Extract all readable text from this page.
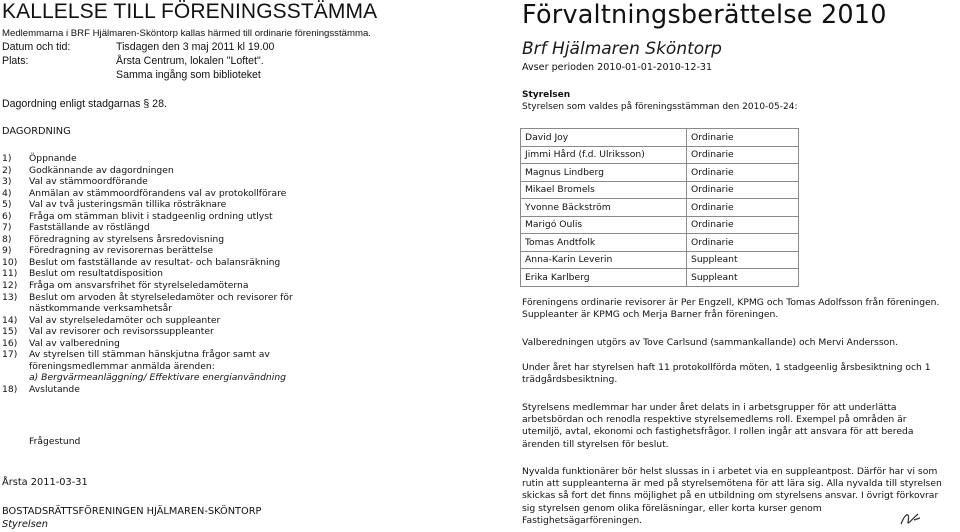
KALLELSE TILL FÖRENINGSSTÄMMA
Medlemmarna i BRF Hjälmaren-Sköntorp kallas härmed till ordinarie föreningsstämma.
Datum och tid:	Tisdagen den 3 maj 2011 kl 19.00
Plats:	Årsta Centrum, lokalen "Loftet".
Samma ingång som biblioteket
Dagordning enligt stadgarnas § 28.
DAGORDNING
1) Öppnande
2) Godkännande av dagordningen
3) Val av stämmoordförande
4) Anmälan av stämmoordförandens val av protokollförare
5) Val av två justeringsmän tillika rösträknare
6) Fråga om stämman blivit i stadgeenlig ordning utlyst
7) Fastställande av röstlängd
8) Föredragning av styrelsens årsredovisning
9) Föredragning av revisorernas berättelse
10) Beslut om fastställande av resultat- och balansräkning
11) Beslut om resultatdisposition
12) Fråga om ansvarsfrihet för styrelseledamöterna
13) Beslut om arvoden åt styrelseledamöter och revisorer för nästkommande verksamhetsår
14) Val av styrelseledamöter och suppleanter
15) Val av revisorer och revisorssuppleanter
16) Val av valberedning
17) Av styrelsen till stämman hänskjutna frågor samt av föreningsmedlemmar anmälda ärenden:
a) Bergvärmeanläggning/ Effektivare energianvändning
18) Avslutande
Frågestund
Årsta 2011-03-31
BOSTADSRÄTTSFÖRENINGEN HJÄLMAREN-SKÖNTORP
Styrelsen
Förvaltningsberättelse 2010
Brf Hjälmaren Sköntorp
Avser perioden 2010-01-01-2010-12-31
Styrelsen
Styrelsen som valdes på föreningsstämman den 2010-05-24:
David Joy	Ordinarie
Jimmi Hård (f.d. Ulriksson)	Ordinarie
Magnus Lindberg	Ordinarie
Mikael Bromels	Ordinarie
Yvonne Bäckström	Ordinarie
Marigó Oulis	Ordinarie
Tomas Andtfolk	Ordinarie
Anna-Karin Leverin	Suppleant
Erika Karlberg	Suppleant
Föreningens ordinarie revisorer är Per Engzell, KPMG och Tomas Adolfsson från föreningen. Suppleanter är KPMG och Merja Barner från föreningen.
Valberedningen utgörs av Tove Carlsund (sammankallande) och Mervi Andersson.
Under året har styrelsen haft 11 protokollförda möten, 1 stadgeenlig årsbesiktning och 1 trädgårdsbesiktning.
Styrelsens medlemmar har under året delats in i arbetsgrupper för att underlätta arbetsbördan och renodla respektive styrelsemedlems roll. Exempel på områden är utemiljö, avtal, ekonomi och fastighetsfrågor. I rollen ingår att ansvara för att bereda ärenden till styrelsen för beslut.
Nyvalda funktionärer bör helst slussas in i arbetet via en suppleantpost. Därför har vi som rutin att suppleanterna är med på styrelsemötena för att lära sig. Alla nyvalda till styrelsen skickas så fort det finns möjlighet på en utbildning om styrelsens ansvar. I övrigt förkovrar sig styrelsen genom olika föreläsningar, eller korta kurser genom Fastighetsägarföreningen.
